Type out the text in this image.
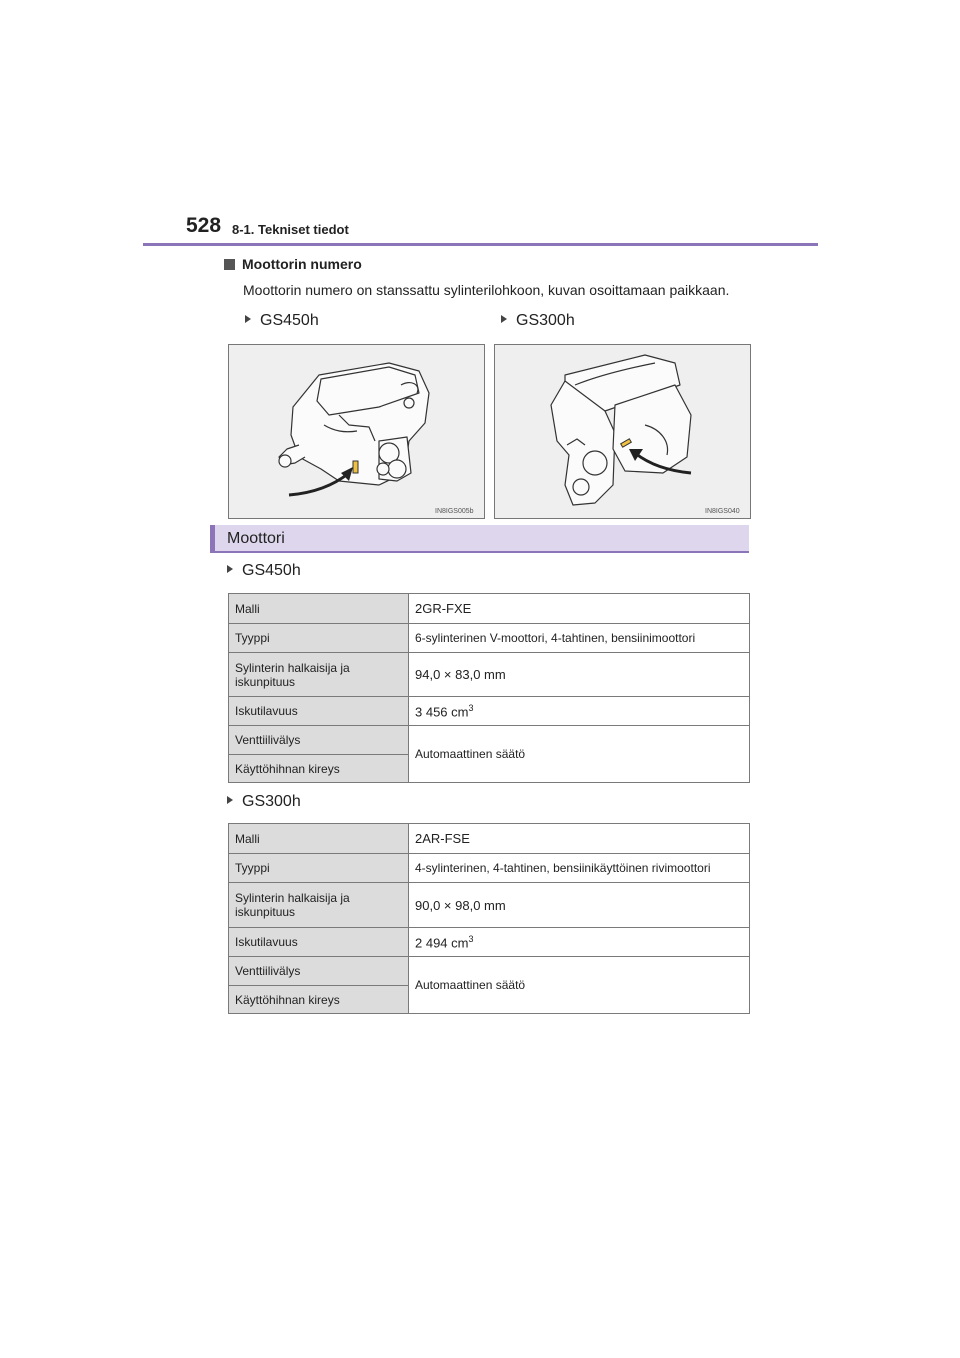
528 8-1. Tekniset tiedot
Moottorin numero
Moottorin numero on stanssattu sylinterilohkoon, kuvan osoittamaan paikkaan.
GS450h	GS300h
IN8IGS005b	IN8IGS040
Moottori
GS450h
Malli	2GR-FXE
Tyyppi	6-sylinterinen V-moottori, 4-tahtinen, bensiinimoottori
Sylinterin halkaisija ja iskunpituus	94,0 × 83,0 mm
Iskutilavuus	3 456 $cm^3$
Venttiilivälys	Automaattinen säätö
Käyttöhihnan kireys	
GS300h
Malli	2AR-FSE
Tyyppi	4-sylinterinen, 4-tahtinen, bensiinikäyttöinen rivimoottori
Sylinterin halkaisija ja iskunpituus	90,0 × 98,0 mm
Iskutilavuus	2 494 $cm^3$
Venttiilivälys	Automaattinen säätö
Käyttöhihnan kireys	
